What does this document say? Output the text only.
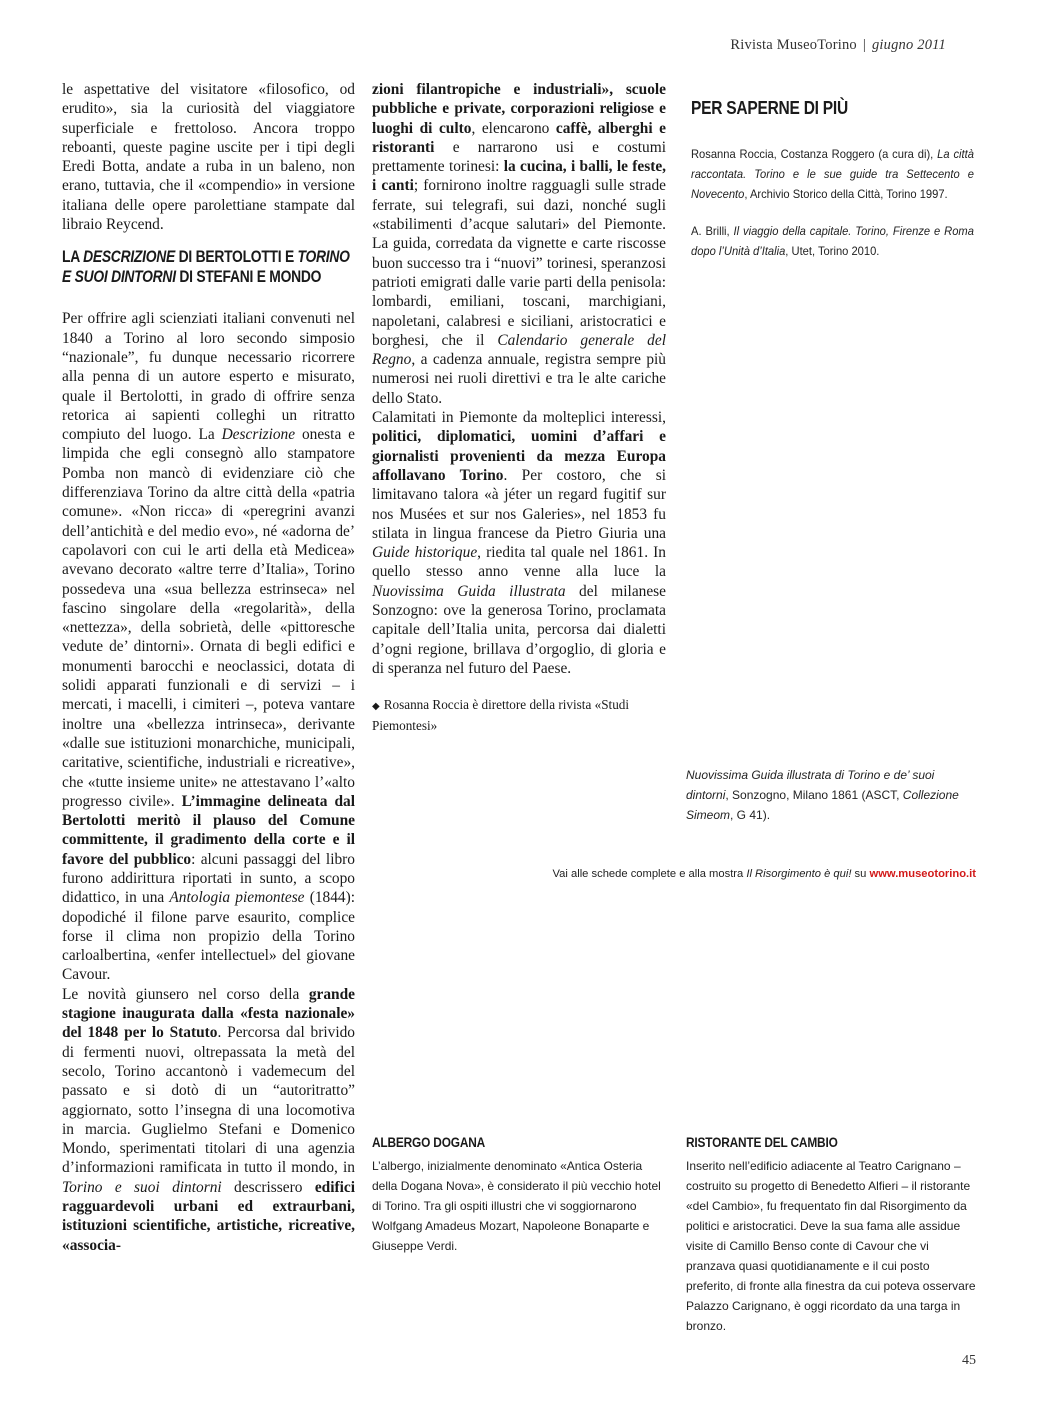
Rivista MuseoTorino | giugno 2011

le aspettative del visitatore «filosofico, od erudito», sia la curiosità del viaggiatore superficiale e frettoloso. Ancora troppo reboanti, queste pagine uscite per i tipi degli Eredi Botta, andate a ruba in un baleno, non erano, tuttavia, che il «compendio» in versione italiana delle opere parolettiane stampate dal libraio Reycend.

LA DESCRIZIONE DI BERTOLOTTI E TORINO E SUOI DINTORNI DI STEFANI E MONDO

Per offrire agli scienziati italiani convenuti nel 1840 a Torino al loro secondo simposio “nazionale”, fu dunque necessario ricorrere alla penna di un autore esperto e misurato, quale il Bertolotti, in grado di offrire senza retorica ai sapienti colleghi un ritratto compiuto del luogo. La Descrizione onesta e limpida che egli consegnò allo stampatore Pomba non mancò di evidenziare ciò che differenziava Torino da altre città della «patria comune». «Non ricca» di «peregrini avanzi dell’antichità e del medio evo», né «adorna de’ capolavori con cui le arti della età Medicea» avevano decorato «altre terre d’Italia», Torino possedeva una «sua bellezza estrinseca» nel fascino singolare della «regolarità», della «nettezza», della sobrietà, delle «pittoresche vedute de’ dintorni». Ornata di begli edifici e monumenti barocchi e neoclassici, dotata di solidi apparati funzionali e di servizi – i mercati, i macelli, i cimiteri –, poteva vantare inoltre una «bellezza intrinseca», derivante «dalle sue istituzioni monarchiche, municipali, caritative, scientifiche, industriali e ricreative», che «tutte insieme unite» ne attestavano l’«alto progresso civile». L’immagine delineata dal Bertolotti meritò il plauso del Comune committente, il gradimento della corte e il favore del pubblico: alcuni passaggi del libro furono addirittura riportati in sunto, a scopo didattico, in una Antologia piemontese (1844): dopodiché il filone parve esaurito, complice forse il clima non propizio della Torino carloalbertina, «enfer intellectuel» del giovane Cavour.

Le novità giunsero nel corso della grande stagione inaugurata dalla «festa nazionale» del 1848 per lo Statuto. Percorsa dal brivido di fermenti nuovi, oltrepassata la metà del secolo, Torino accantonò i vademecum del passato e si dotò di un “autoritratto” aggiornato, sotto l’insegna di una locomotiva in marcia. Guglielmo Stefani e Domenico Mondo, sperimentati titolari di una agenzia d’informazioni ramificata in tutto il mondo, in Torino e suoi dintorni descrissero edifici ragguardevoli urbani ed extraurbani, istituzioni scientifiche, artistiche, ricreative, «associa-

zioni filantropiche e industriali», scuole pubbliche e private, corporazioni religiose e luoghi di culto, elencarono caffè, alberghi e ristoranti e narrarono usi e costumi prettamente torinesi: la cucina, i balli, le feste, i canti; fornirono inoltre ragguagli sulle strade ferrate, sui telegrafi, sui dazi, nonché sugli «stabilimenti d’acque salutari» del Piemonte. La guida, corredata da vignette e carte riscosse buon successo tra i “nuovi” torinesi, speranzosi patrioti emigrati dalle varie parti della penisola: lombardi, emiliani, toscani, marchigiani, napoletani, calabresi e siciliani, aristocratici e borghesi, che il Calendario generale del Regno, a cadenza annuale, registra sempre più numerosi nei ruoli direttivi e tra le alte cariche dello Stato.

Calamitati in Piemonte da molteplici interessi, politici, diplomatici, uomini d’affari e giornalisti provenienti da mezza Europa affollavano Torino. Per costoro, che si limitavano talora «à jéter un regard fugitif sur nos Musées et sur nos Galeries», nel 1853 fu stilata in lingua francese da Pietro Giuria una Guide historique, riedita tal quale nel 1861. In quello stesso anno venne alla luce la Nuovissima Guida illustrata del milanese Sonzogno: ove la generosa Torino, proclamata capitale dell’Italia unita, percorsa dai dialetti d’ogni regione, brillava d’orgoglio, di gloria e di speranza nel futuro del Paese.

◆ Rosanna Roccia è direttore della rivista «Studi Piemontesi»
PER SAPERNE DI PIÙ

Rosanna Roccia, Costanza Roggero (a cura di), La città raccontata. Torino e le sue guide tra Settecento e Novecento, Archivio Storico della Città, Torino 1997.

A. Brilli, Il viaggio della capitale. Torino, Firenze e Roma dopo l’Unità d’Italia, Utet, Torino 2010.

Nuovissima Guida illustrata di Torino e de’ suoi dintorni, Sonzogno, Milano 1861 (ASCT, Collezione Simeom, G 41).
Vai alle schede complete e alla mostra Il Risorgimento è qui! su www.museotorino.it
ALBERGO DOGANA

L’albergo, inizialmente denominato «Antica Osteria della Dogana Nova», è considerato il più vecchio hotel di Torino. Tra gli ospiti illustri che vi soggiornarono Wolfgang Amadeus Mozart, Napoleone Bonaparte e Giuseppe Verdi.

RISTORANTE DEL CAMBIO

Inserito nell’edificio adiacente al Teatro Carignano – costruito su progetto di Benedetto Alfieri – il ristorante «del Cambio», fu frequentato fin dal Risorgimento da politici e aristocratici. Deve la sua fama alle assidue visite di Camillo Benso conte di Cavour che vi pranzava quasi quotidianamente e il cui posto preferito, di fronte alla finestra da cui poteva osservare Palazzo Carignano, è oggi ricordato da una targa in bronzo.

45
